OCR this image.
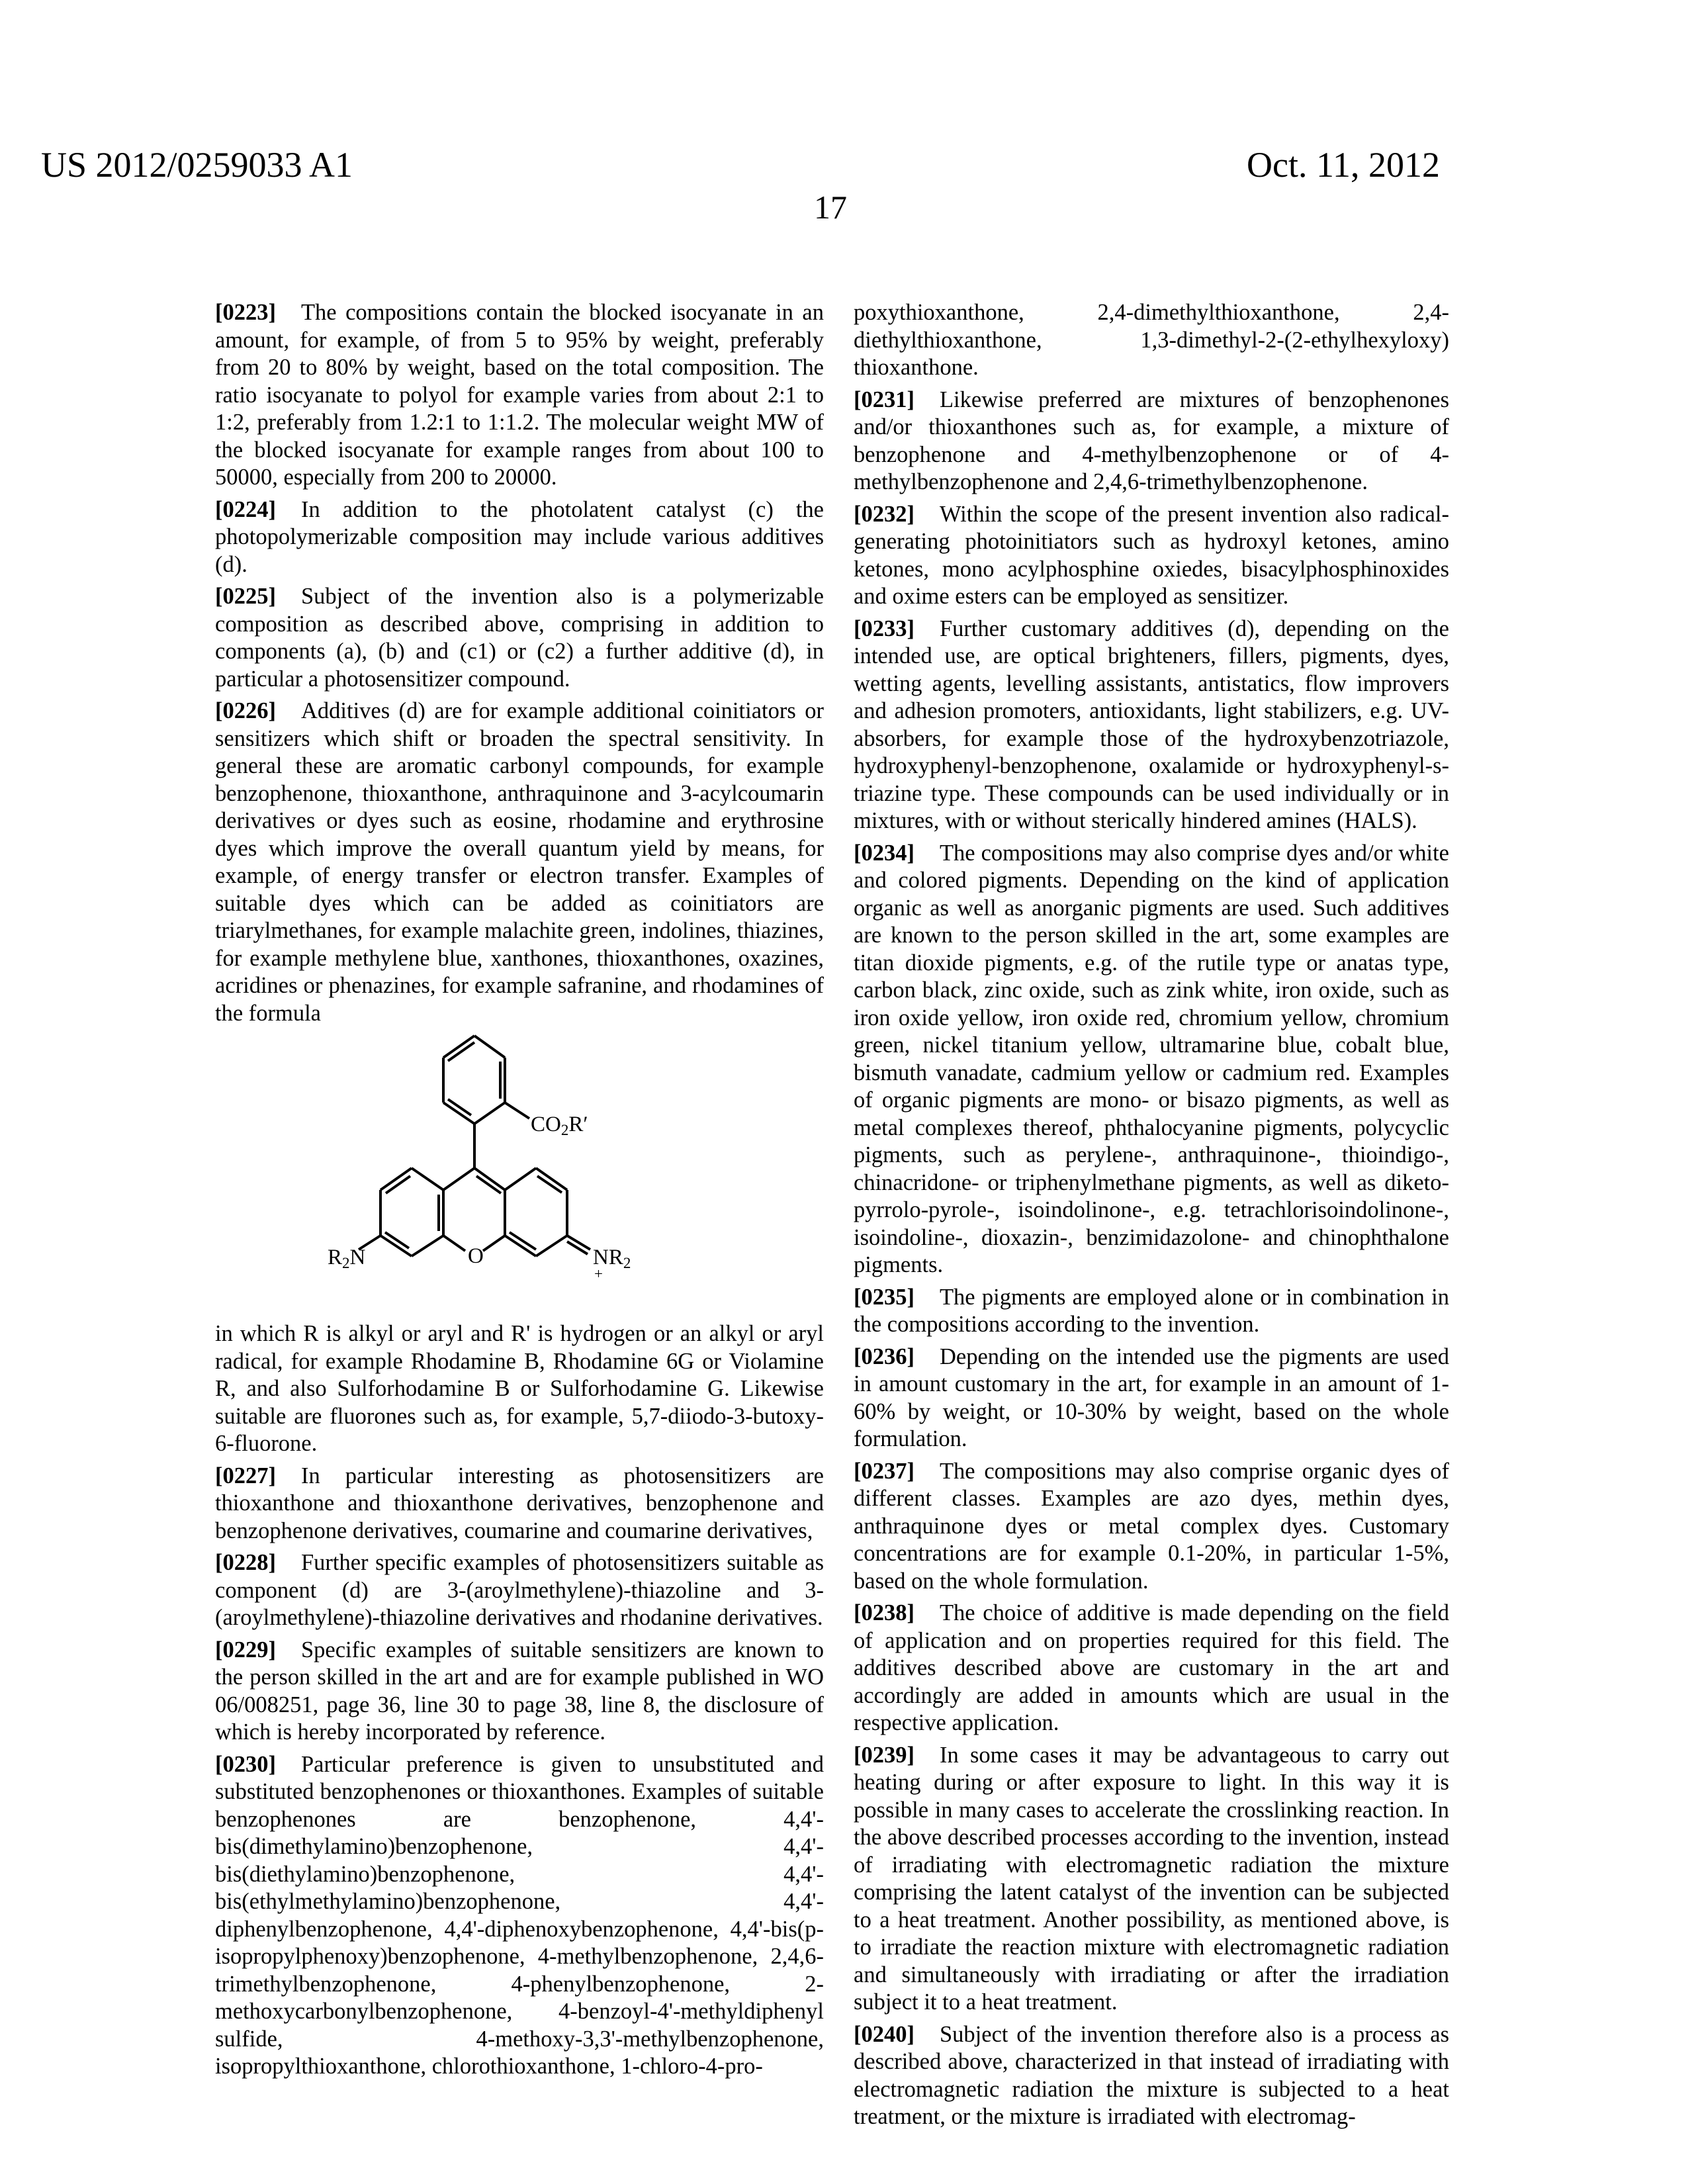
US 2012/0259033 A1	Oct. 11, 2012
17

[0223] The compositions contain the blocked isocyanate in an amount, for example, of from 5 to 95% by weight, preferably from 20 to 80% by weight, based on the total composition. The ratio isocyanate to polyol for example varies from about 2:1 to 1:2, preferably from 1.2:1 to 1:1.2. The molecular weight MW of the blocked isocyanate for example ranges from about 100 to 50000, especially from 200 to 20000.

[0224] In addition to the photolatent catalyst (c) the photopolymerizable composition may include various additives (d).

[0225] Subject of the invention also is a polymerizable composition as described above, comprising in addition to components (a), (b) and (c1) or (c2) a further additive (d), in particular a photosensitizer compound.

[0226] Additives (d) are for example additional coinitiators or sensitizers which shift or broaden the spectral sensitivity. In general these are aromatic carbonyl compounds, for example benzophenone, thioxanthone, anthraquinone and 3-acylcoumarin derivatives or dyes such as eosine, rhodamine and erythrosine dyes which improve the overall quantum yield by means, for example, of energy transfer or electron transfer. Examples of suitable dyes which can be added as coinitiators are triarylmethanes, for example malachite green, indolines, thiazines, for example methylene blue, xanthones, thioxanthones, oxazines, acridines or phenazines, for example safranine, and rhodamines of the formula

CO2R′
R2N	O	NR2
+

in which R is alkyl or aryl and R' is hydrogen or an alkyl or aryl radical, for example Rhodamine B, Rhodamine 6G or Violamine R, and also Sulforhodamine B or Sulforhodamine G. Likewise suitable are fluorones such as, for example, 5,7-diiodo-3-butoxy-6-fluorone.

[0227] In particular interesting as photosensitizers are thioxanthone and thioxanthone derivatives, benzophenone and benzophenone derivatives, coumarine and coumarine derivatives,

[0228] Further specific examples of photosensitizers suitable as component (d) are 3-(aroylmethylene)-thiazoline and 3-(aroylmethylene)-thiazoline derivatives and rhodanine derivatives.

[0229] Specific examples of suitable sensitizers are known to the person skilled in the art and are for example published in WO 06/008251, page 36, line 30 to page 38, line 8, the disclosure of which is hereby incorporated by reference.

[0230] Particular preference is given to unsubstituted and substituted benzophenones or thioxanthones. Examples of suitable benzophenones are benzophenone, 4,4'-bis(dimethylamino)benzophenone, 4,4'-bis(diethylamino)benzophenone, 4,4'-bis(ethylmethylamino)benzophenone, 4,4'-diphenylbenzophenone, 4,4'-diphenoxybenzophenone, 4,4'-bis(p-isopropylphenoxy)benzophenone, 4-methylbenzophenone, 2,4,6-trimethylbenzophenone, 4-phenylbenzophenone, 2-methoxycarbonylbenzophenone, 4-benzoyl-4'-methyldiphenyl sulfide, 4-methoxy-3,3'-methylbenzophenone, isopropylthioxanthone, chlorothioxanthone, 1-chloro-4-pro-

poxythioxanthone, 2,4-dimethylthioxanthone, 2,4-diethylthioxanthone, 1,3-dimethyl-2-(2-ethylhexyloxy) thioxanthone.

[0231] Likewise preferred are mixtures of benzophenones and/or thioxanthones such as, for example, a mixture of benzophenone and 4-methylbenzophenone or of 4-methylbenzophenone and 2,4,6-trimethylbenzophenone.

[0232] Within the scope of the present invention also radical-generating photoinitiators such as hydroxyl ketones, amino ketones, mono acylphosphine oxiedes, bisacylphosphinoxides and oxime esters can be employed as sensitizer.

[0233] Further customary additives (d), depending on the intended use, are optical brighteners, fillers, pigments, dyes, wetting agents, levelling assistants, antistatics, flow improvers and adhesion promoters, antioxidants, light stabilizers, e.g. UV-absorbers, for example those of the hydroxybenzotriazole, hydroxyphenyl-benzophenone, oxalamide or hydroxyphenyl-s-triazine type. These compounds can be used individually or in mixtures, with or without sterically hindered amines (HALS).

[0234] The compositions may also comprise dyes and/or white and colored pigments. Depending on the kind of application organic as well as anorganic pigments are used. Such additives are known to the person skilled in the art, some examples are titan dioxide pigments, e.g. of the rutile type or anatas type, carbon black, zinc oxide, such as zink white, iron oxide, such as iron oxide yellow, iron oxide red, chromium yellow, chromium green, nickel titanium yellow, ultramarine blue, cobalt blue, bismuth vanadate, cadmium yellow or cadmium red. Examples of organic pigments are mono- or bisazo pigments, as well as metal complexes thereof, phthalocyanine pigments, polycyclic pigments, such as perylene-, anthraquinone-, thioindigo-, chinacridone- or triphenylmethane pigments, as well as diketo-pyrrolo-pyrole-, isoindolinone-, e.g. tetrachlorisoindolinone-, isoindoline-, dioxazin-, benzimidazolone- and chinophthalone pigments.

[0235] The pigments are employed alone or in combination in the compositions according to the invention.

[0236] Depending on the intended use the pigments are used in amount customary in the art, for example in an amount of 1-60% by weight, or 10-30% by weight, based on the whole formulation.

[0237] The compositions may also comprise organic dyes of different classes. Examples are azo dyes, methin dyes, anthraquinone dyes or metal complex dyes. Customary concentrations are for example 0.1-20%, in particular 1-5%, based on the whole formulation.

[0238] The choice of additive is made depending on the field of application and on properties required for this field. The additives described above are customary in the art and accordingly are added in amounts which are usual in the respective application.

[0239] In some cases it may be advantageous to carry out heating during or after exposure to light. In this way it is possible in many cases to accelerate the crosslinking reaction. In the above described processes according to the invention, instead of irradiating with electromagnetic radiation the mixture comprising the latent catalyst of the invention can be subjected to a heat treatment. Another possibility, as mentioned above, is to irradiate the reaction mixture with electromagnetic radiation and simultaneously with irradiating or after the irradiation subject it to a heat treatment.

[0240] Subject of the invention therefore also is a process as described above, characterized in that instead of irradiating with electromagnetic radiation the mixture is subjected to a heat treatment, or the mixture is irradiated with electromag-
